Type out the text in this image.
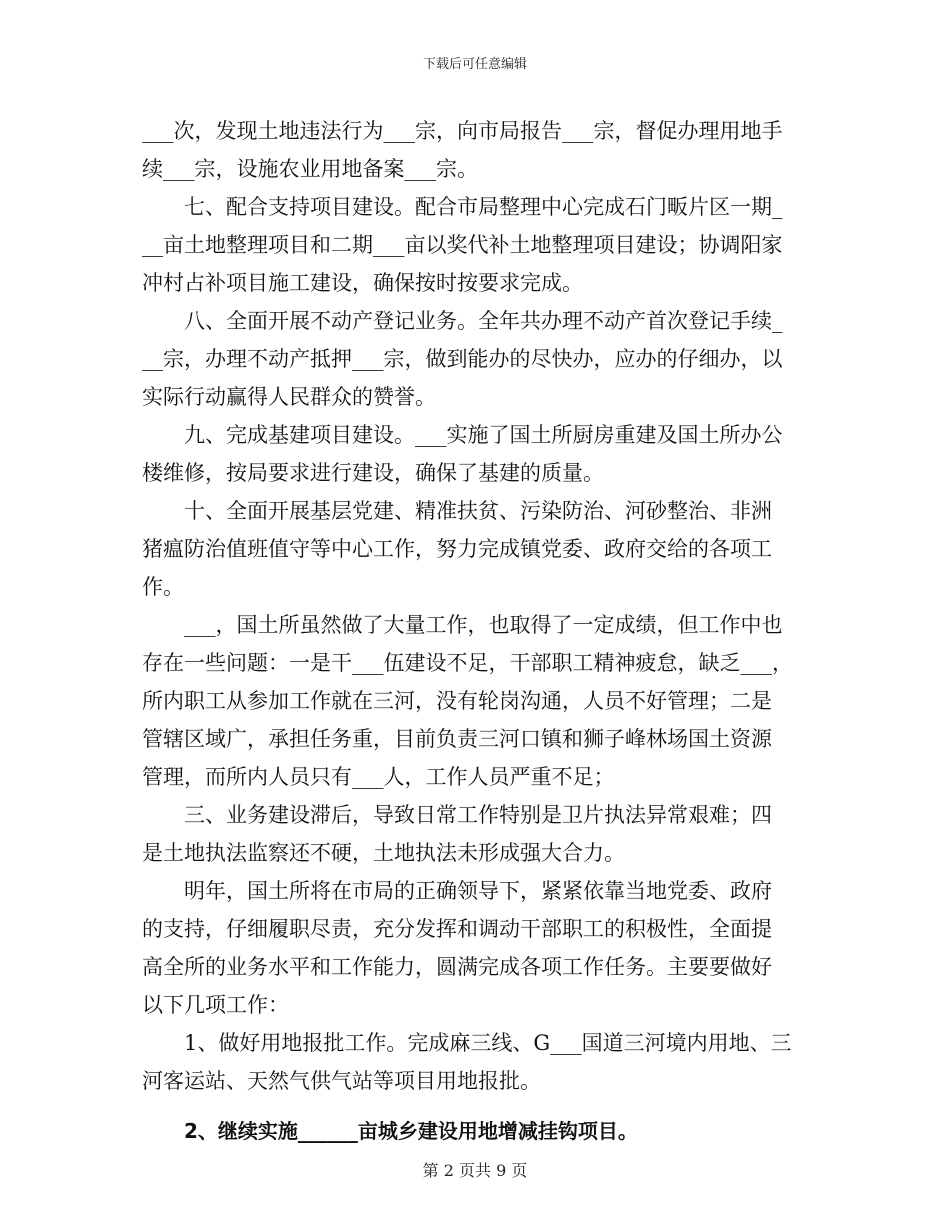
下载后可任意编辑
___次，发现土地违法行为___宗，向市局报告___宗，督促办理用地手
续___宗，设施农业用地备案___宗。
七、配合支持项目建设。配合市局整理中心完成石门畈片区一期_
__亩土地整理项目和二期___亩以奖代补土地整理项目建设；协调阳家
冲村占补项目施工建设，确保按时按要求完成。
八、全面开展不动产登记业务。全年共办理不动产首次登记手续_
__宗，办理不动产抵押___宗，做到能办的尽快办，应办的仔细办，以
实际行动赢得人民群众的赞誉。
九、完成基建项目建设。___实施了国土所厨房重建及国土所办公
楼维修，按局要求进行建设，确保了基建的质量。
十、全面开展基层党建、精准扶贫、污染防治、河砂整治、非洲
猪瘟防治值班值守等中心工作，努力完成镇党委、政府交给的各项工
作。
___，国土所虽然做了大量工作，也取得了一定成绩，但工作中也
存在一些问题：一是干___伍建设不足，干部职工精神疲怠，缺乏___，
所内职工从参加工作就在三河，没有轮岗沟通，人员不好管理；二是
管辖区域广，承担任务重，目前负责三河口镇和狮子峰林场国土资源
管理，而所内人员只有___人，工作人员严重不足；
三、业务建设滞后，导致日常工作特别是卫片执法异常艰难；四
是土地执法监察还不硬，土地执法未形成强大合力。
明年，国土所将在市局的正确领导下，紧紧依靠当地党委、政府
的支持，仔细履职尽责，充分发挥和调动干部职工的积极性，全面提
高全所的业务水平和工作能力，圆满完成各项工作任务。主要要做好
以下几项工作：
1、做好用地报批工作。完成麻三线、G___国道三河境内用地、三
河客运站、天然气供气站等项目用地报批。
2、继续实施______亩城乡建设用地增减挂钩项目。
第 2 页共 9 页
